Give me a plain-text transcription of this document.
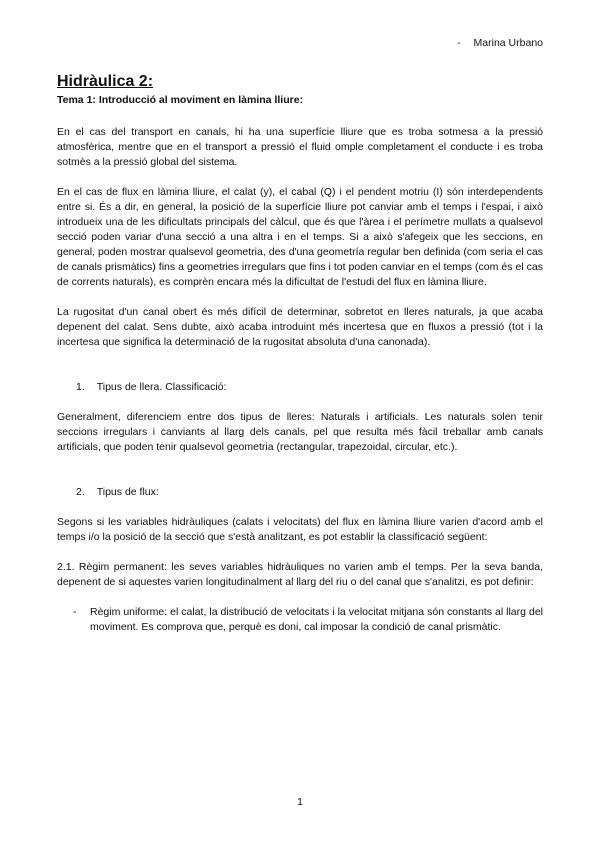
- Marina Urbano
Hidràulica 2:
Tema 1: Introducció al moviment en làmina lliure:

En el cas del transport en canals, hi ha una superfície lliure que es troba sotmesa a la pressió atmosfèrica, mentre que en el transport a pressió el fluid omple completament el conducte i es troba sotmès a la pressió global del sistema.

En el cas de flux en làmina lliure, el calat (y), el cabal (Q) i el pendent motriu (I) són interdependents entre si. És a dir, en general, la posició de la superfície lliure pot canviar amb el temps i l'espai, i això introdueix una de les dificultats principals del càlcul, que és que l'àrea i el perímetre mullats a qualsevol secció poden variar d'una secció a una altra i en el temps. Si a això s'afegeix que les seccions, en general, poden mostrar qualsevol geometria, des d'una geometría regular ben definida (com seria el cas de canals prismàtics) fins a geometries irregulars que fins i tot poden canviar en el temps (com és el cas de corrents naturals), es comprèn encara més la dificultat de l'estudi del flux en làmina lliure.

La rugositat d'un canal obert és més difícil de determinar, sobretot en lleres naturals, ja que acaba depenent del calat. Sens dubte, això acaba introduint més incertesa que en fluxos a pressió (tot i la incertesa que significa la determinació de la rugositat absoluta d'una canonada).

1. Tipus de llera. Classificació:

Generalment, diferenciem entre dos tipus de lleres: Naturals i artificials. Les naturals solen tenir seccions irregulars i canviants al llarg dels canals, pel que resulta més fàcil treballar amb canals artificials, que poden tenir qualsevol geometria (rectangular, trapezoidal, circular, etc.).

2. Tipus de flux:

Segons si les variables hidràuliques (calats i velocitats) del flux en làmina lliure varien d'acord amb el temps i/o la posició de la secció que s'està analitzant, es pot establir la classificació següent:

2.1. Règim permanent: les seves variables hidràuliques no varien amb el temps. Per la seva banda, depenent de si aquestes varien longitudinalment al llarg del riu o del canal que s'analitzi, es pot definir:

- Règim uniforme: el calat, la distribució de velocitats i la velocitat mitjana són constants al llarg del moviment. Es comprova que, perquè es doni, cal imposar la condició de canal prismàtic.
1
